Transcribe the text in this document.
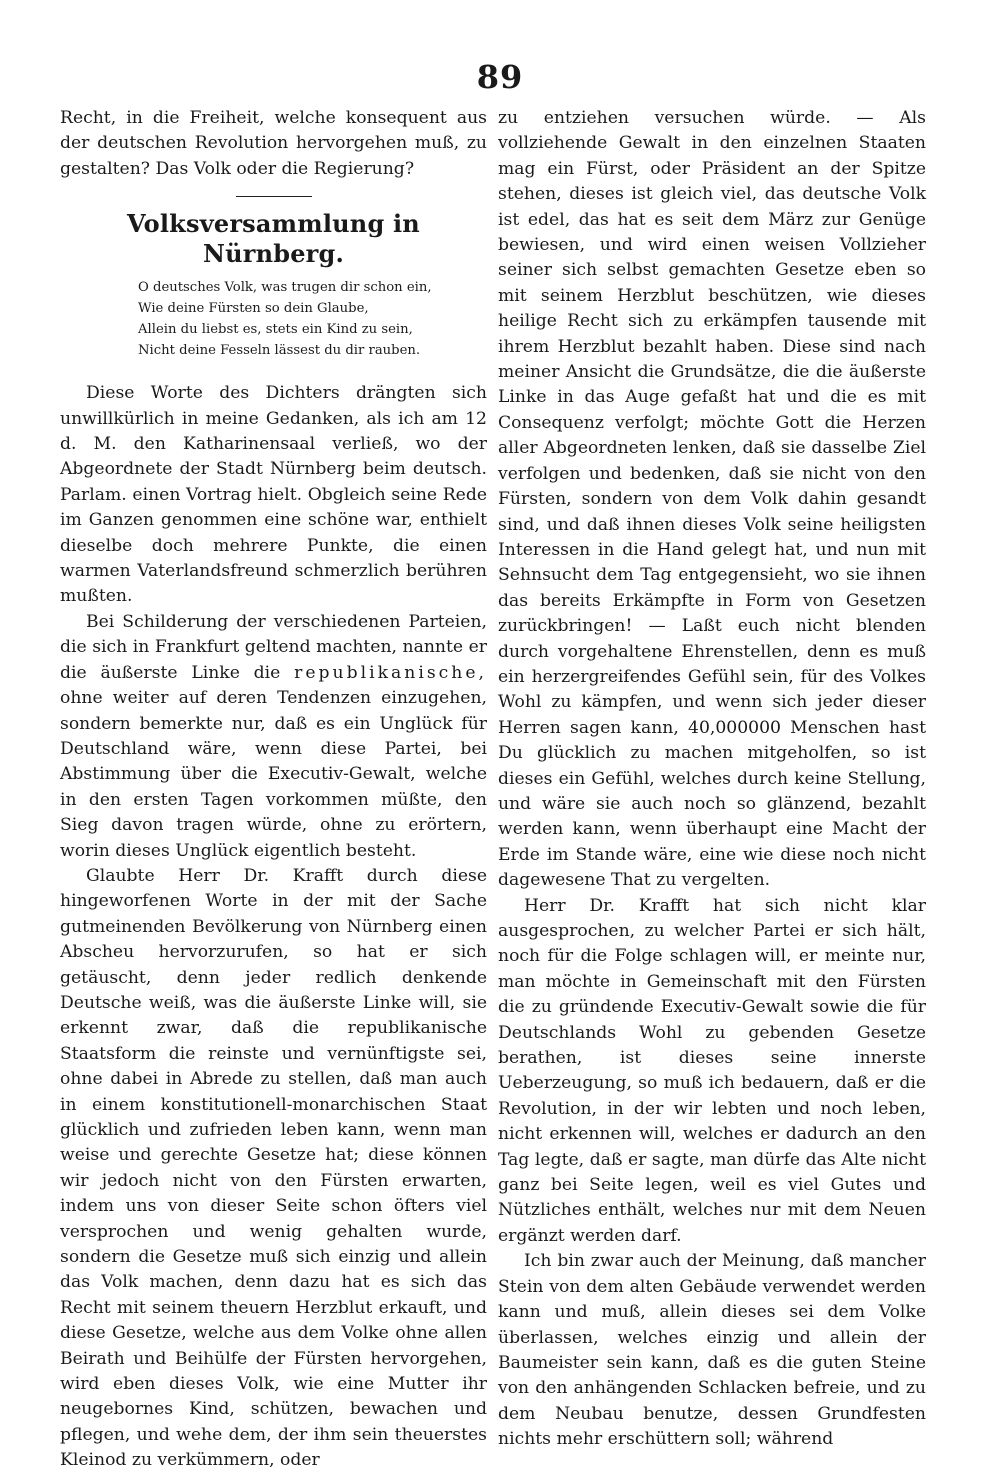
89

Recht, in die Freiheit, welche konsequent aus der deutschen Revolution hervorgehen muß, zu gestalten? Das Volk oder die Regierung?

Volksversammlung in Nürnberg.
O deutsches Volk, was trugen dir schon ein,
Wie deine Fürsten so dein Glaube,
Allein du liebst es, stets ein Kind zu sein,
Nicht deine Fesseln lässest du dir rauben.

Diese Worte des Dichters drängten sich unwillkürlich in meine Gedanken, als ich am 12 d. M. den Katharinensaal verließ, wo der Abgeordnete der Stadt Nürnberg beim deutsch. Parlam. einen Vortrag hielt. Obgleich seine Rede im Ganzen genommen eine schöne war, enthielt dieselbe doch mehrere Punkte, die einen warmen Vaterlandsfreund schmerzlich berühren mußten.

Bei Schilderung der verschiedenen Parteien, die sich in Frankfurt geltend machten, nannte er die äußerste Linke die republikanische, ohne weiter auf deren Tendenzen einzugehen, sondern bemerkte nur, daß es ein Unglück für Deutschland wäre, wenn diese Partei, bei Abstimmung über die Executiv-Gewalt, welche in den ersten Tagen vorkommen müßte, den Sieg davon tragen würde, ohne zu erörtern, worin dieses Unglück eigentlich besteht.

Glaubte Herr Dr. Krafft durch diese hingeworfenen Worte in der mit der Sache gutmeinenden Bevölkerung von Nürnberg einen Abscheu hervorzurufen, so hat er sich getäuscht, denn jeder redlich denkende Deutsche weiß, was die äußerste Linke will, sie erkennt zwar, daß die republikanische Staatsform die reinste und vernünftigste sei, ohne dabei in Abrede zu stellen, daß man auch in einem konstitutionell-monarchischen Staat glücklich und zufrieden leben kann, wenn man weise und gerechte Gesetze hat; diese können wir jedoch nicht von den Fürsten erwarten, indem uns von dieser Seite schon öfters viel versprochen und wenig gehalten wurde, sondern die Gesetze muß sich einzig und allein das Volk machen, denn dazu hat es sich das Recht mit seinem theuern Herzblut erkauft, und diese Gesetze, welche aus dem Volke ohne allen Beirath und Beihülfe der Fürsten hervorgehen, wird eben dieses Volk, wie eine Mutter ihr neugebornes Kind, schützen, bewachen und pflegen, und wehe dem, der ihm sein theuerstes Kleinod zu verkümmern, oder

zu entziehen versuchen würde. — Als vollziehende Gewalt in den einzelnen Staaten mag ein Fürst, oder Präsident an der Spitze stehen, dieses ist gleich viel, das deutsche Volk ist edel, das hat es seit dem März zur Genüge bewiesen, und wird einen weisen Vollzieher seiner sich selbst gemachten Gesetze eben so mit seinem Herzblut beschützen, wie dieses heilige Recht sich zu erkämpfen tausende mit ihrem Herzblut bezahlt haben. Diese sind nach meiner Ansicht die Grundsätze, die die äußerste Linke in das Auge gefaßt hat und die es mit Consequenz verfolgt; möchte Gott die Herzen aller Abgeordneten lenken, daß sie dasselbe Ziel verfolgen und bedenken, daß sie nicht von den Fürsten, sondern von dem Volk dahin gesandt sind, und daß ihnen dieses Volk seine heiligsten Interessen in die Hand gelegt hat, und nun mit Sehnsucht dem Tag entgegensieht, wo sie ihnen das bereits Erkämpfte in Form von Gesetzen zurückbringen! — Laßt euch nicht blenden durch vorgehaltene Ehrenstellen, denn es muß ein herzergreifendes Gefühl sein, für des Volkes Wohl zu kämpfen, und wenn sich jeder dieser Herren sagen kann, 40,000000 Menschen hast Du glücklich zu machen mitgeholfen, so ist dieses ein Gefühl, welches durch keine Stellung, und wäre sie auch noch so glänzend, bezahlt werden kann, wenn überhaupt eine Macht der Erde im Stande wäre, eine wie diese noch nicht dagewesene That zu vergelten.

Herr Dr. Krafft hat sich nicht klar ausgesprochen, zu welcher Partei er sich hält, noch für die Folge schlagen will, er meinte nur, man möchte in Gemeinschaft mit den Fürsten die zu gründende Executiv-Gewalt sowie die für Deutschlands Wohl zu gebenden Gesetze berathen, ist dieses seine innerste Ueberzeugung, so muß ich bedauern, daß er die Revolution, in der wir lebten und noch leben, nicht erkennen will, welches er dadurch an den Tag legte, daß er sagte, man dürfe das Alte nicht ganz bei Seite legen, weil es viel Gutes und Nützliches enthält, welches nur mit dem Neuen ergänzt werden darf.

Ich bin zwar auch der Meinung, daß mancher Stein von dem alten Gebäude verwendet werden kann und muß, allein dieses sei dem Volke überlassen, welches einzig und allein der Baumeister sein kann, daß es die guten Steine von den anhängenden Schlacken befreie, und zu dem Neubau benutze, dessen Grundfesten nichts mehr erschüttern soll; während
